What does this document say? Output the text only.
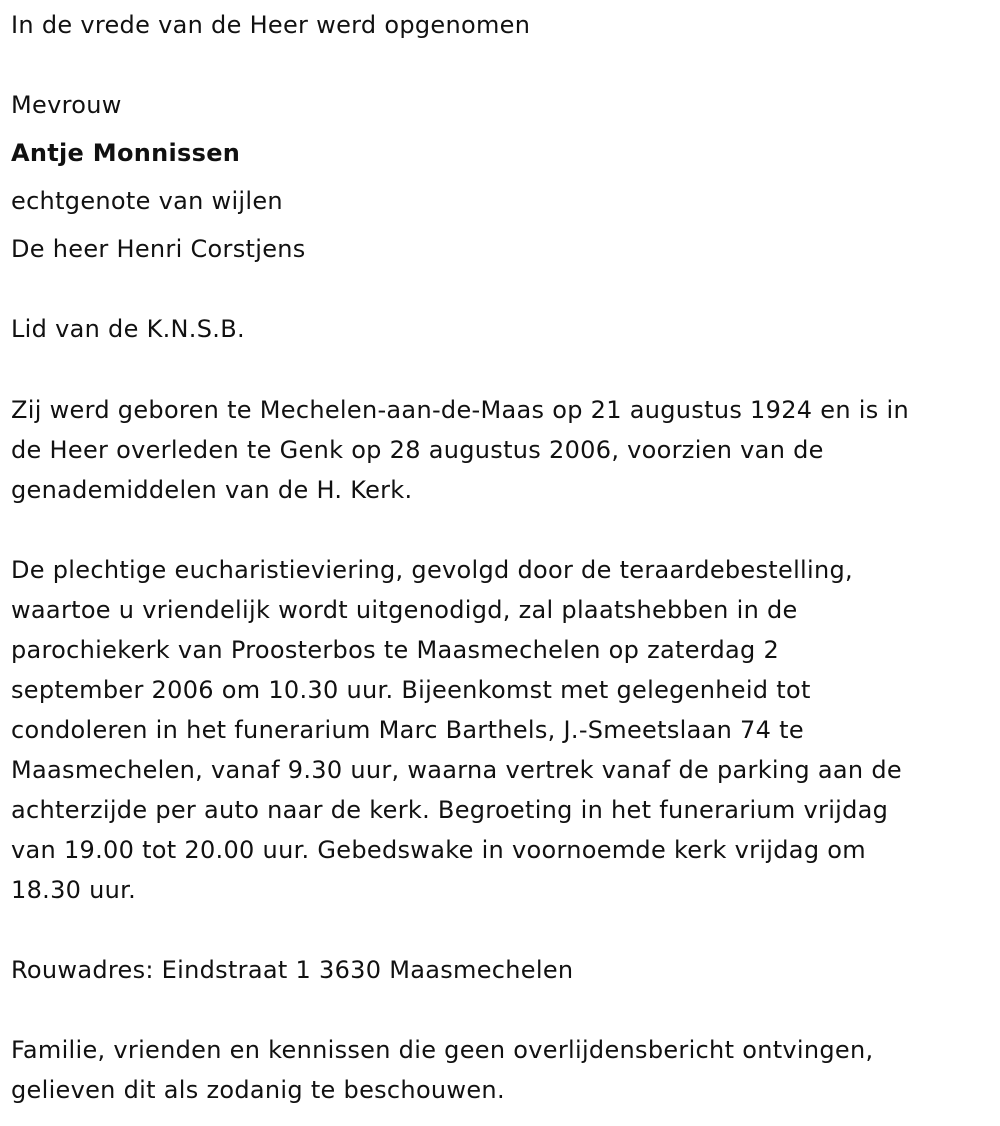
In de vrede van de Heer werd opgenomen
Mevrouw
Antje Monnissen
echtgenote van wijlen
De heer Henri Corstjens
Lid van de K.N.S.B.
Zij werd geboren te Mechelen-aan-de-Maas op 21 augustus 1924 en is in
de Heer overleden te Genk op 28 augustus 2006, voorzien van de
genademiddelen van de H. Kerk.
De plechtige eucharistieviering, gevolgd door de teraardebestelling,
waartoe u vriendelijk wordt uitgenodigd, zal plaatshebben in de
parochiekerk van Proosterbos te Maasmechelen op zaterdag 2
september 2006 om 10.30 uur. Bijeenkomst met gelegenheid tot
condoleren in het funerarium Marc Barthels, J.-Smeetslaan 74 te
Maasmechelen, vanaf 9.30 uur, waarna vertrek vanaf de parking aan de
achterzijde per auto naar de kerk. Begroeting in het funerarium vrijdag
van 19.00 tot 20.00 uur. Gebedswake in voornoemde kerk vrijdag om
18.30 uur.
Rouwadres: Eindstraat 1 3630 Maasmechelen
Familie, vrienden en kennissen die geen overlijdensbericht ontvingen,
gelieven dit als zodanig te beschouwen.
